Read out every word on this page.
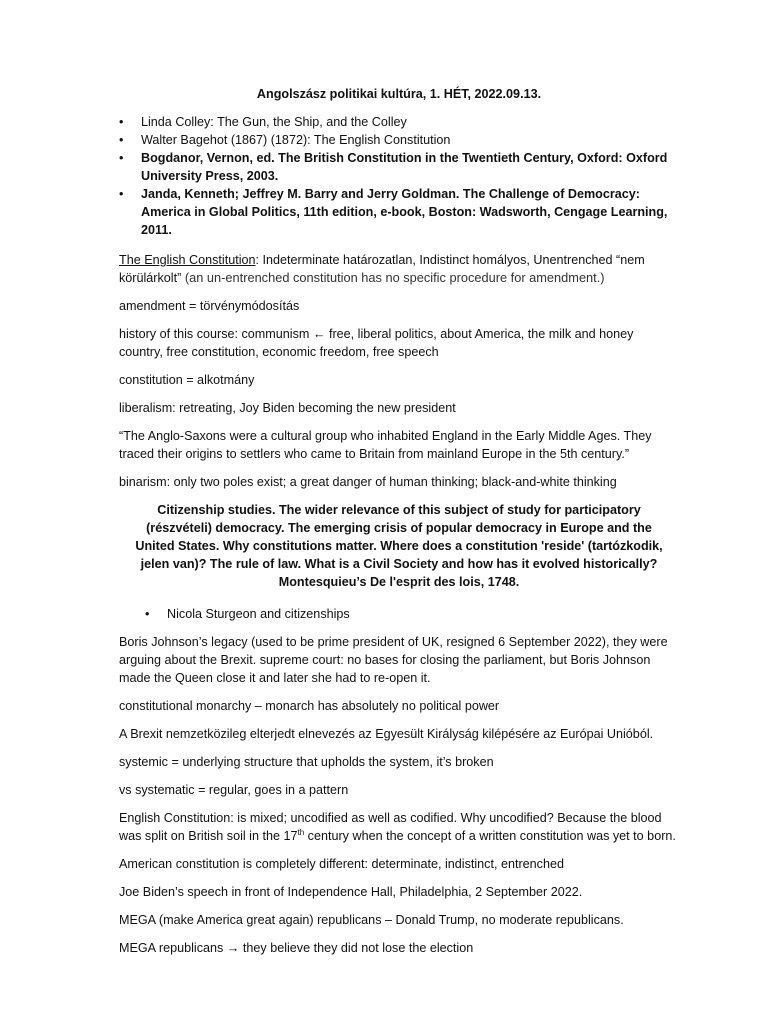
Angolszász politikai kultúra, 1. HÉT, 2022.09.13.

• Linda Colley: The Gun, the Ship, and the Colley
• Walter Bagehot (1867) (1872): The English Constitution
• Bogdanor, Vernon, ed. The British Constitution in the Twentieth Century, Oxford: Oxford University Press, 2003.
• Janda, Kenneth; Jeffrey M. Barry and Jerry Goldman. The Challenge of Democracy: America in Global Politics, 11th edition, e-book, Boston: Wadsworth, Cengage Learning, 2011.

The English Constitution: Indeterminate határozatlan, Indistinct homályos, Unentrenched “nem körülárkolt” (an un-entrenched constitution has no specific procedure for amendment.)

amendment = törvénymódosítás

history of this course: communism ← free, liberal politics, about America, the milk and honey country, free constitution, economic freedom, free speech

constitution = alkotmány

liberalism: retreating, Joy Biden becoming the new president

“The Anglo-Saxons were a cultural group who inhabited England in the Early Middle Ages. They traced their origins to settlers who came to Britain from mainland Europe in the 5th century.”

binarism: only two poles exist; a great danger of human thinking; black-and-white thinking

Citizenship studies. The wider relevance of this subject of study for participatory (részvételi) democracy. The emerging crisis of popular democracy in Europe and the United States. Why constitutions matter. Where does a constitution 'reside' (tartózkodik, jelen van)? The rule of law. What is a Civil Society and how has it evolved historically? Montesquieu’s De l'esprit des lois, 1748.

• Nicola Sturgeon and citizenships

Boris Johnson’s legacy (used to be prime president of UK, resigned 6 September 2022), they were arguing about the Brexit. supreme court: no bases for closing the parliament, but Boris Johnson made the Queen close it and later she had to re-open it.

constitutional monarchy – monarch has absolutely no political power

A Brexit nemzetközileg elterjedt elnevezés az Egyesült Királyság kilépésére az Európai Unióból.

systemic = underlying structure that upholds the system, it’s broken

vs systematic = regular, goes in a pattern

English Constitution: is mixed; uncodified as well as codified. Why uncodified? Because the blood was split on British soil in the 17th century when the concept of a written constitution was yet to born.

American constitution is completely different: determinate, indistinct, entrenched

Joe Biden’s speech in front of Independence Hall, Philadelphia, 2 September 2022.

MEGA (make America great again) republicans – Donald Trump, no moderate republicans.

MEGA republicans → they believe they did not lose the election
